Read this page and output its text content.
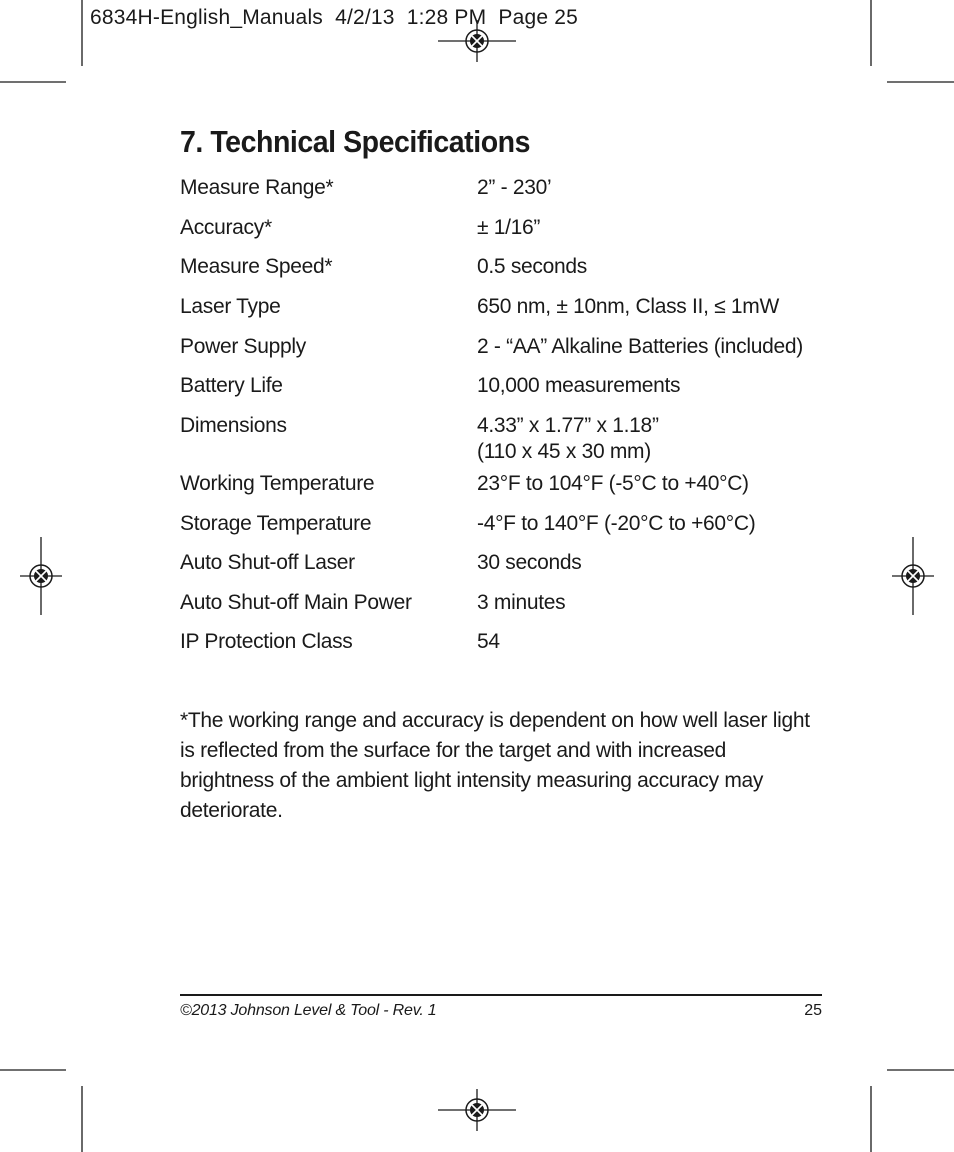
6834H-English_Manuals  4/2/13  1:28 PM  Page 25
7. Technical Specifications
Measure Range*	2” - 230’
Accuracy*	± 1/16”
Measure Speed*	0.5 seconds
Laser Type	650 nm, ± 10nm, Class II, ≤ 1mW
Power Supply	2 - “AA” Alkaline Batteries (included)
Battery Life	10,000 measurements
Dimensions	4.33” x 1.77” x 1.18”
(110 x 45 x 30 mm)
Working Temperature	23°F to 104°F (-5°C to +40°C)
Storage Temperature	-4°F to 140°F (-20°C to +60°C)
Auto Shut-off Laser	30 seconds
Auto Shut-off Main Power	3 minutes
IP Protection Class	54

*The working range and accuracy is dependent on how well laser light is reflected from the surface for the target and with increased brightness of the ambient light intensity measuring accuracy may deteriorate.

©2013 Johnson Level & Tool - Rev. 1	25
